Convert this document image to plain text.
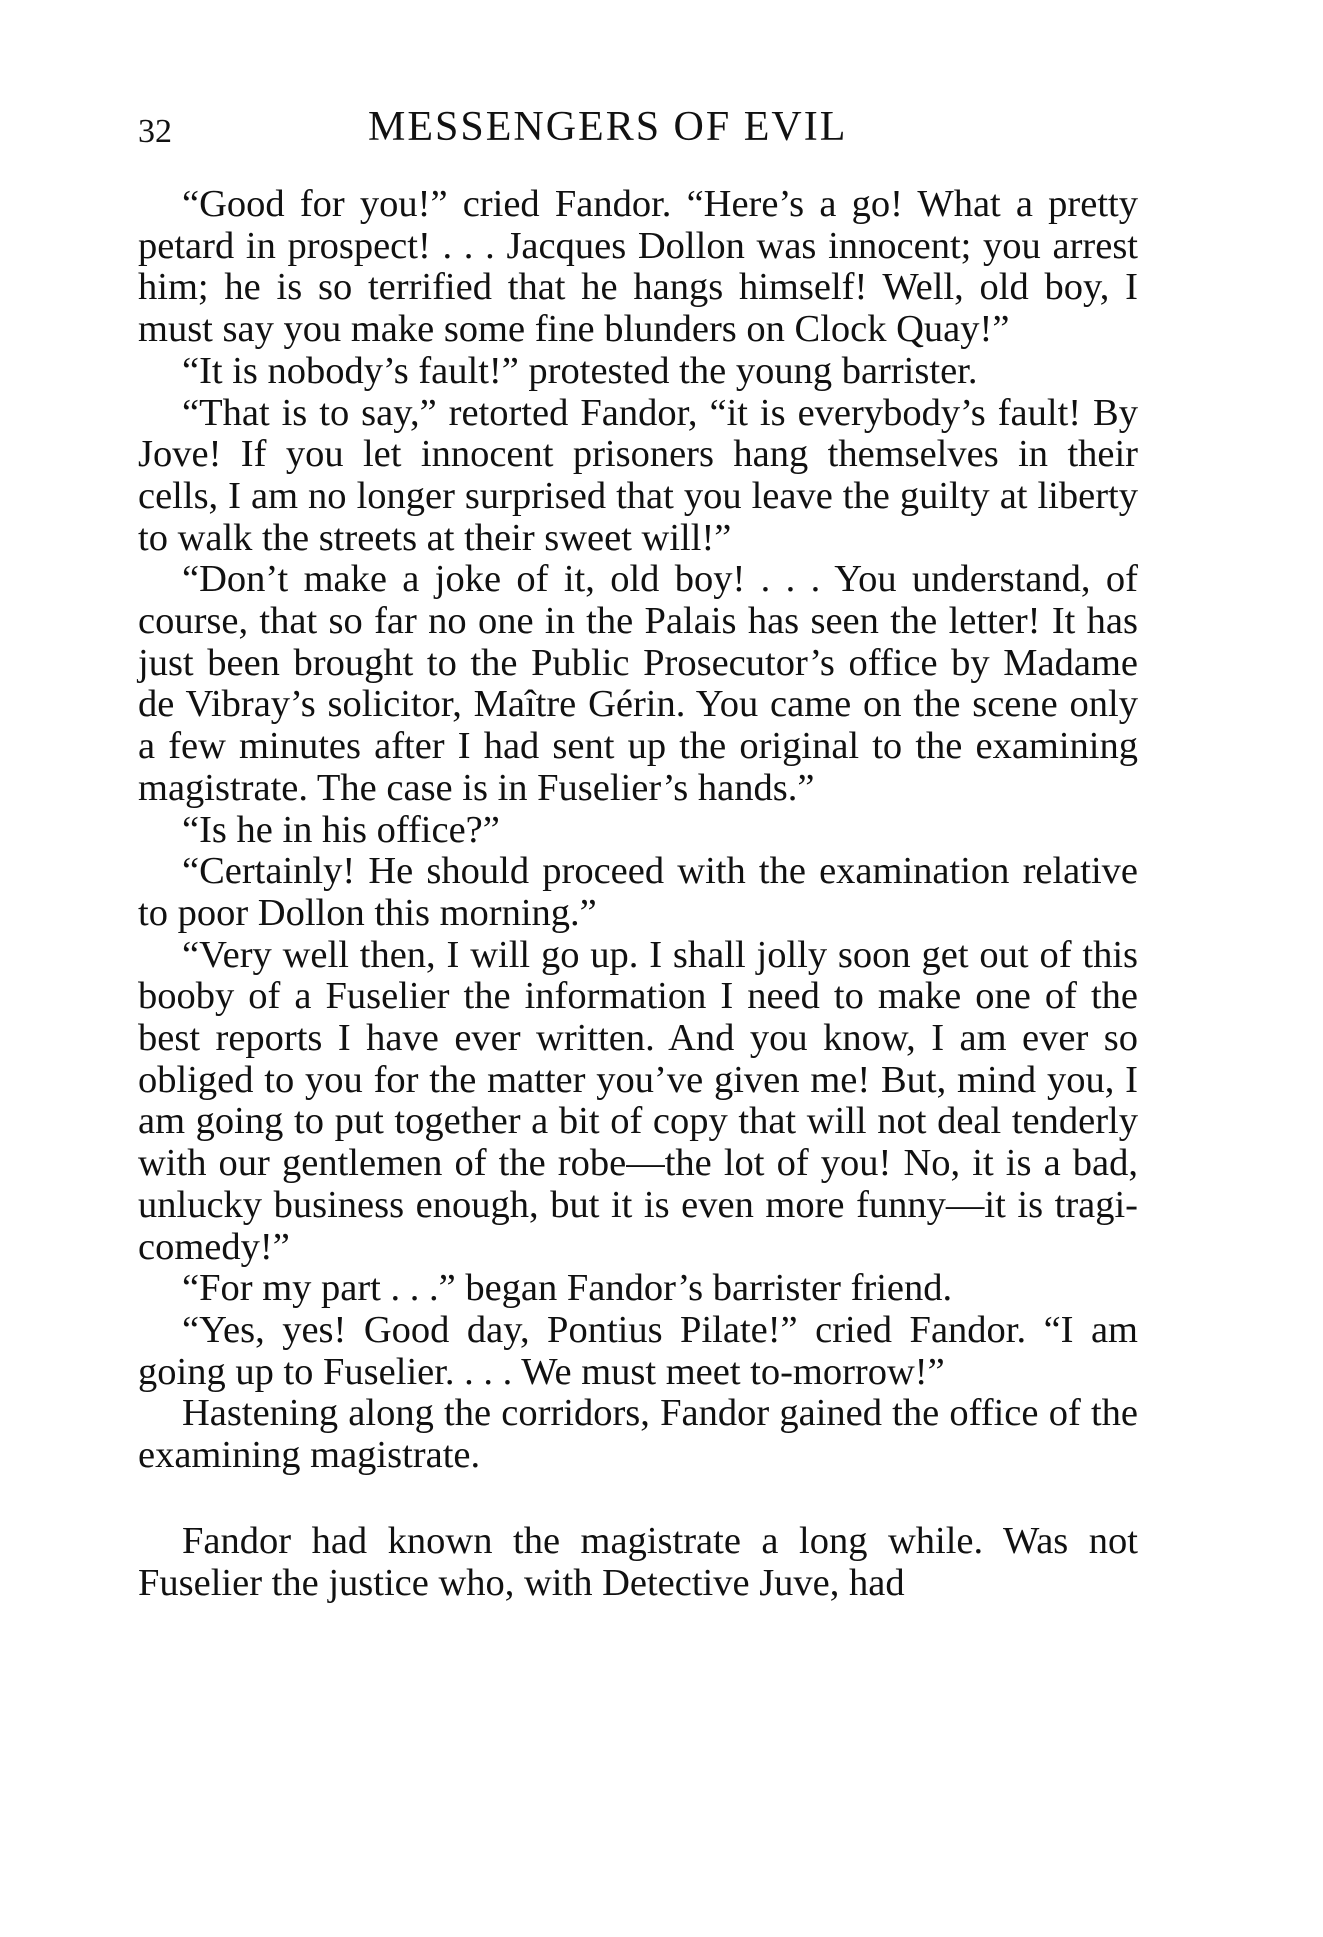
32	MESSENGERS OF EVIL

“Good for you!” cried Fandor. “Here’s a go! What a pretty petard in prospect! . . . Jacques Dollon was innocent; you arrest him; he is so terrified that he hangs himself! Well, old boy, I must say you make some fine blunders on Clock Quay!”

“It is nobody’s fault!” protested the young barrister.

“That is to say,” retorted Fandor, “it is everybody’s fault! By Jove! If you let innocent prisoners hang themselves in their cells, I am no longer surprised that you leave the guilty at liberty to walk the streets at their sweet will!”

“Don’t make a joke of it, old boy! . . . You understand, of course, that so far no one in the Palais has seen the letter! It has just been brought to the Public Prosecutor’s office by Madame de Vibray’s solicitor, Maître Gérin. You came on the scene only a few minutes after I had sent up the original to the examining magistrate. The case is in Fuselier’s hands.”

“Is he in his office?”

“Certainly! He should proceed with the examination relative to poor Dollon this morning.”

“Very well then, I will go up. I shall jolly soon get out of this booby of a Fuselier the information I need to make one of the best reports I have ever written. And you know, I am ever so obliged to you for the matter you’ve given me! But, mind you, I am going to put together a bit of copy that will not deal tenderly with our gentlemen of the robe—the lot of you! No, it is a bad, unlucky business enough, but it is even more funny—it is tragi-comedy!”

“For my part . . .” began Fandor’s barrister friend.

“Yes, yes! Good day, Pontius Pilate!” cried Fandor. “I am going up to Fuselier. . . . We must meet to-morrow!”

Hastening along the corridors, Fandor gained the office of the examining magistrate.

Fandor had known the magistrate a long while. Was not Fuselier the justice who, with Detective Juve, had
